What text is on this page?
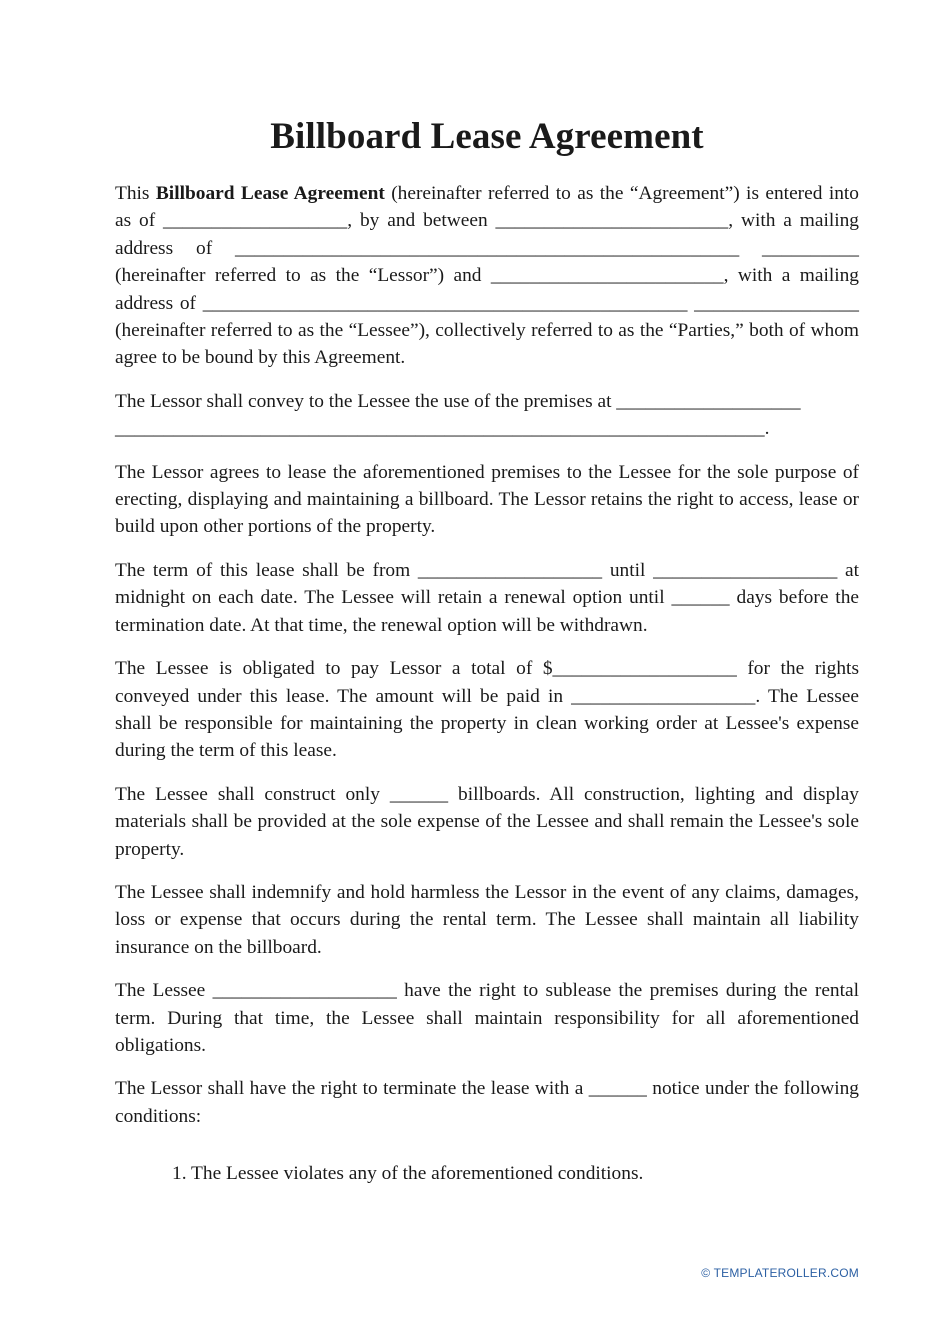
Billboard Lease Agreement

This Billboard Lease Agreement (hereinafter referred to as the “Agreement”) is entered into as of ___________________, by and between ________________________, with a mailing address of ____________________________________________________ __________ (hereinafter referred to as the “Lessor”) and ________________________, with a mailing address of __________________________________________________ _________________ (hereinafter referred to as the “Lessee”), collectively referred to as the “Parties,” both of whom agree to be bound by this Agreement.

The Lessor shall convey to the Lessee the use of the premises at ___________________
___________________________________________________________________.

The Lessor agrees to lease the aforementioned premises to the Lessee for the sole purpose of erecting, displaying and maintaining a billboard. The Lessor retains the right to access, lease or build upon other portions of the property.

The term of this lease shall be from ___________________ until ___________________ at midnight on each date. The Lessee will retain a renewal option until ______ days before the termination date. At that time, the renewal option will be withdrawn.

The Lessee is obligated to pay Lessor a total of $___________________ for the rights conveyed under this lease. The amount will be paid in ___________________. The Lessee shall be responsible for maintaining the property in clean working order at Lessee's expense during the term of this lease.

The Lessee shall construct only ______ billboards. All construction, lighting and display materials shall be provided at the sole expense of the Lessee and shall remain the Lessee's sole property.

The Lessee shall indemnify and hold harmless the Lessor in the event of any claims, damages, loss or expense that occurs during the rental term. The Lessee shall maintain all liability insurance on the billboard.

The Lessee ___________________ have the right to sublease the premises during the rental term. During that time, the Lessee shall maintain responsibility for all aforementioned obligations.

The Lessor shall have the right to terminate the lease with a ______ notice under the following conditions:

1. The Lessee violates any of the aforementioned conditions.
© TEMPLATEROLLER.COM
